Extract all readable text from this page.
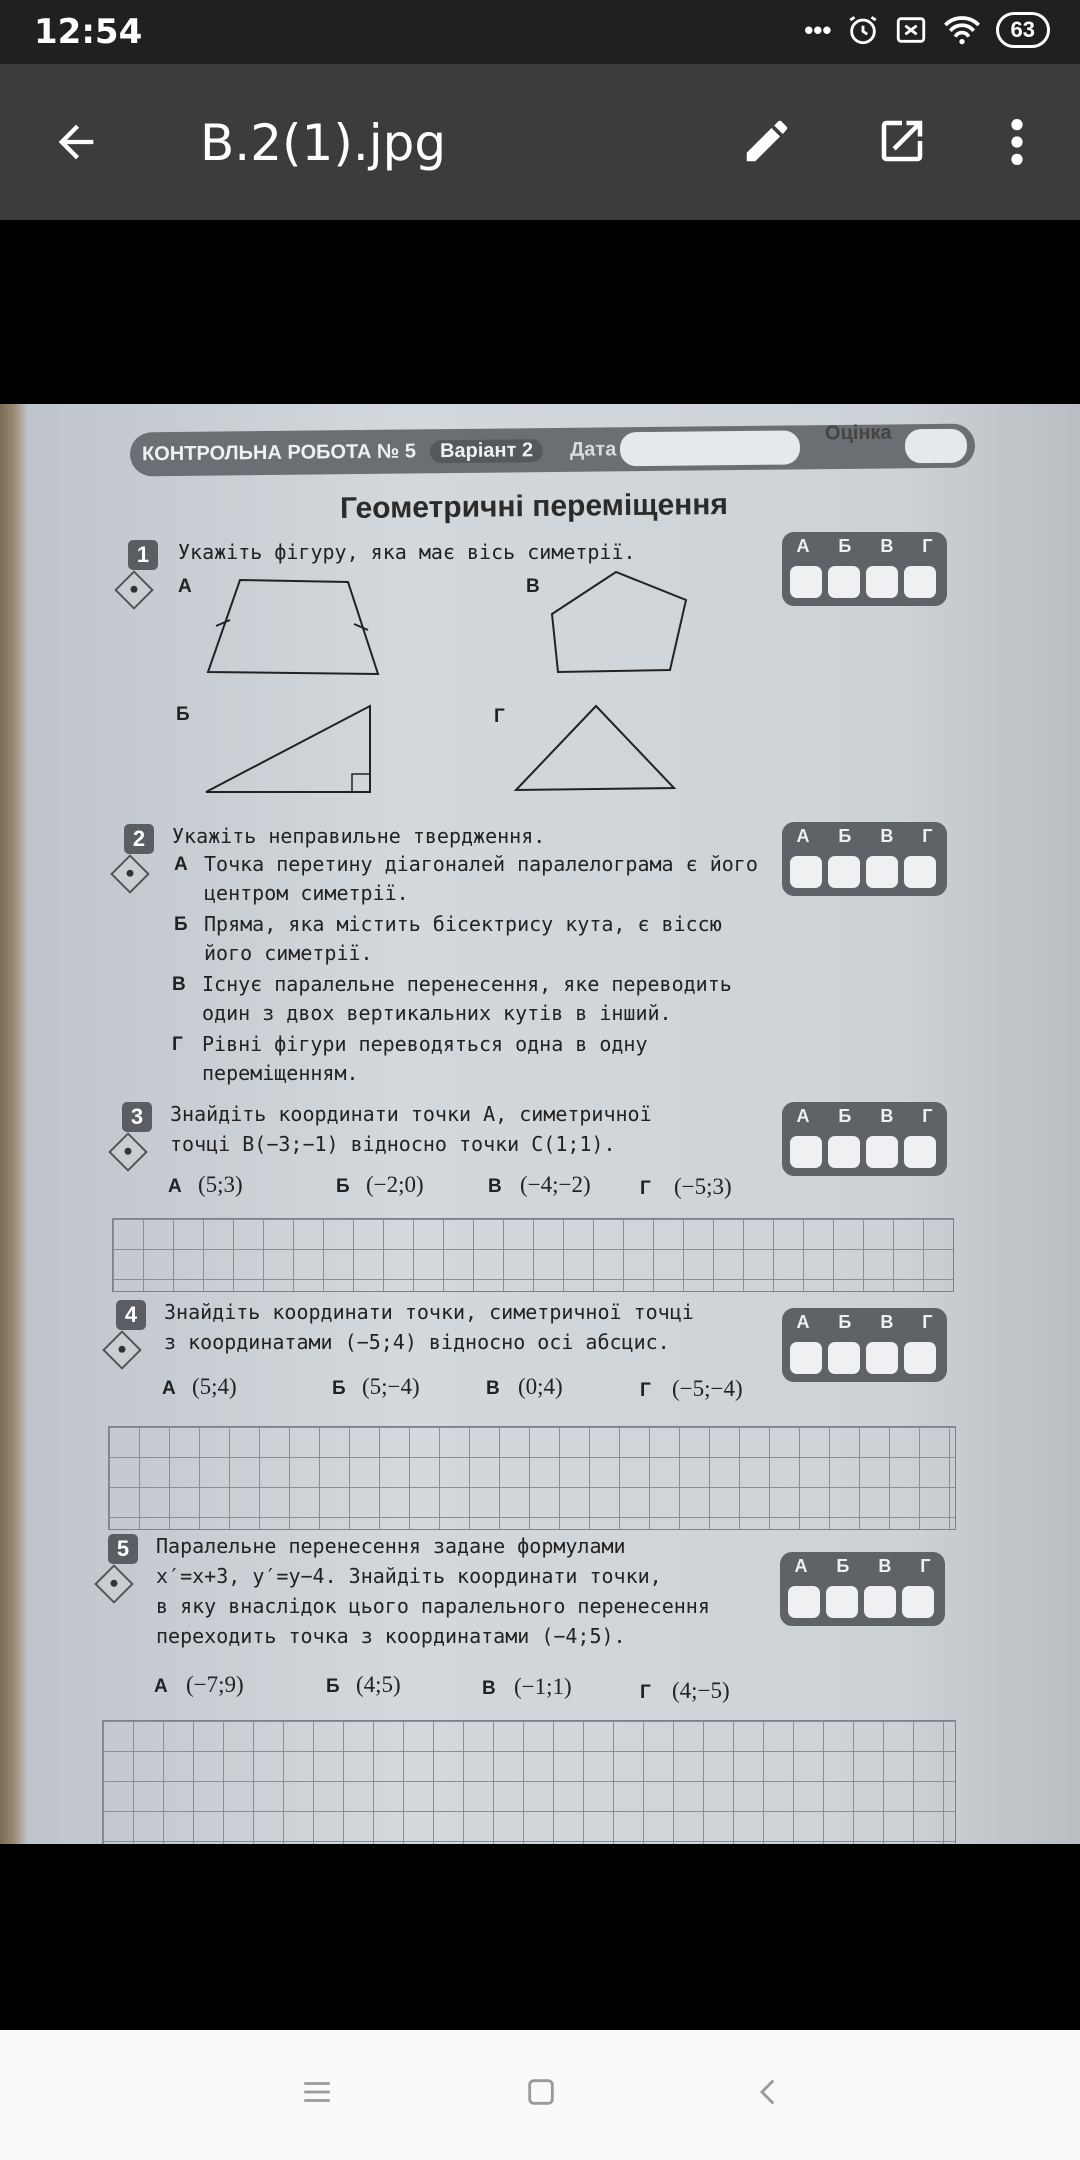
12:54	•••	63
B.2(1).jpg
КОНТРОЛЬНА РОБОТА № 5	Варіант 2	Дата
Оцінка
Геометричні переміщення
1	Укажіть фігуру, яка має вісь симетрії.	А Б В Г
А	В
Б	Г
2	Укажіть неправильне твердження.	А Б В Г
А Точка перетину діагоналей паралелограма є його
центром симетрії.
Б Пряма, яка містить бісектрису кута, є віссю
його симетрії.
В Існує паралельне перенесення, яке переводить
один з двох вертикальних кутів в інший.
Г Рівні фігури переводяться одна в одну переміщенням.
3	Знайдіть координати точки A, симетричної
точці B(−3;−1) відносно точки C(1;1).
А Б В Г
А (5;3)	Б (−2;0)	В (−4;−2)	Г (−5;3)
4	Знайдіть координати точки, симетричної точці
з координатами (−5;4) відносно осі абсцис.
А Б В Г
А (5;4)	Б (5;−4)	В (0;4)	Г (−5;−4)
5	Паралельне перенесення задане формулами
x′=x+3, y′=y−4. Знайдіть координати точки,
в яку внаслідок цього паралельного перенесення
переходить точка з координатами (−4;5).
А Б В Г
А (−7;9)	Б (4;5)	В (−1;1)	Г (4;−5)
